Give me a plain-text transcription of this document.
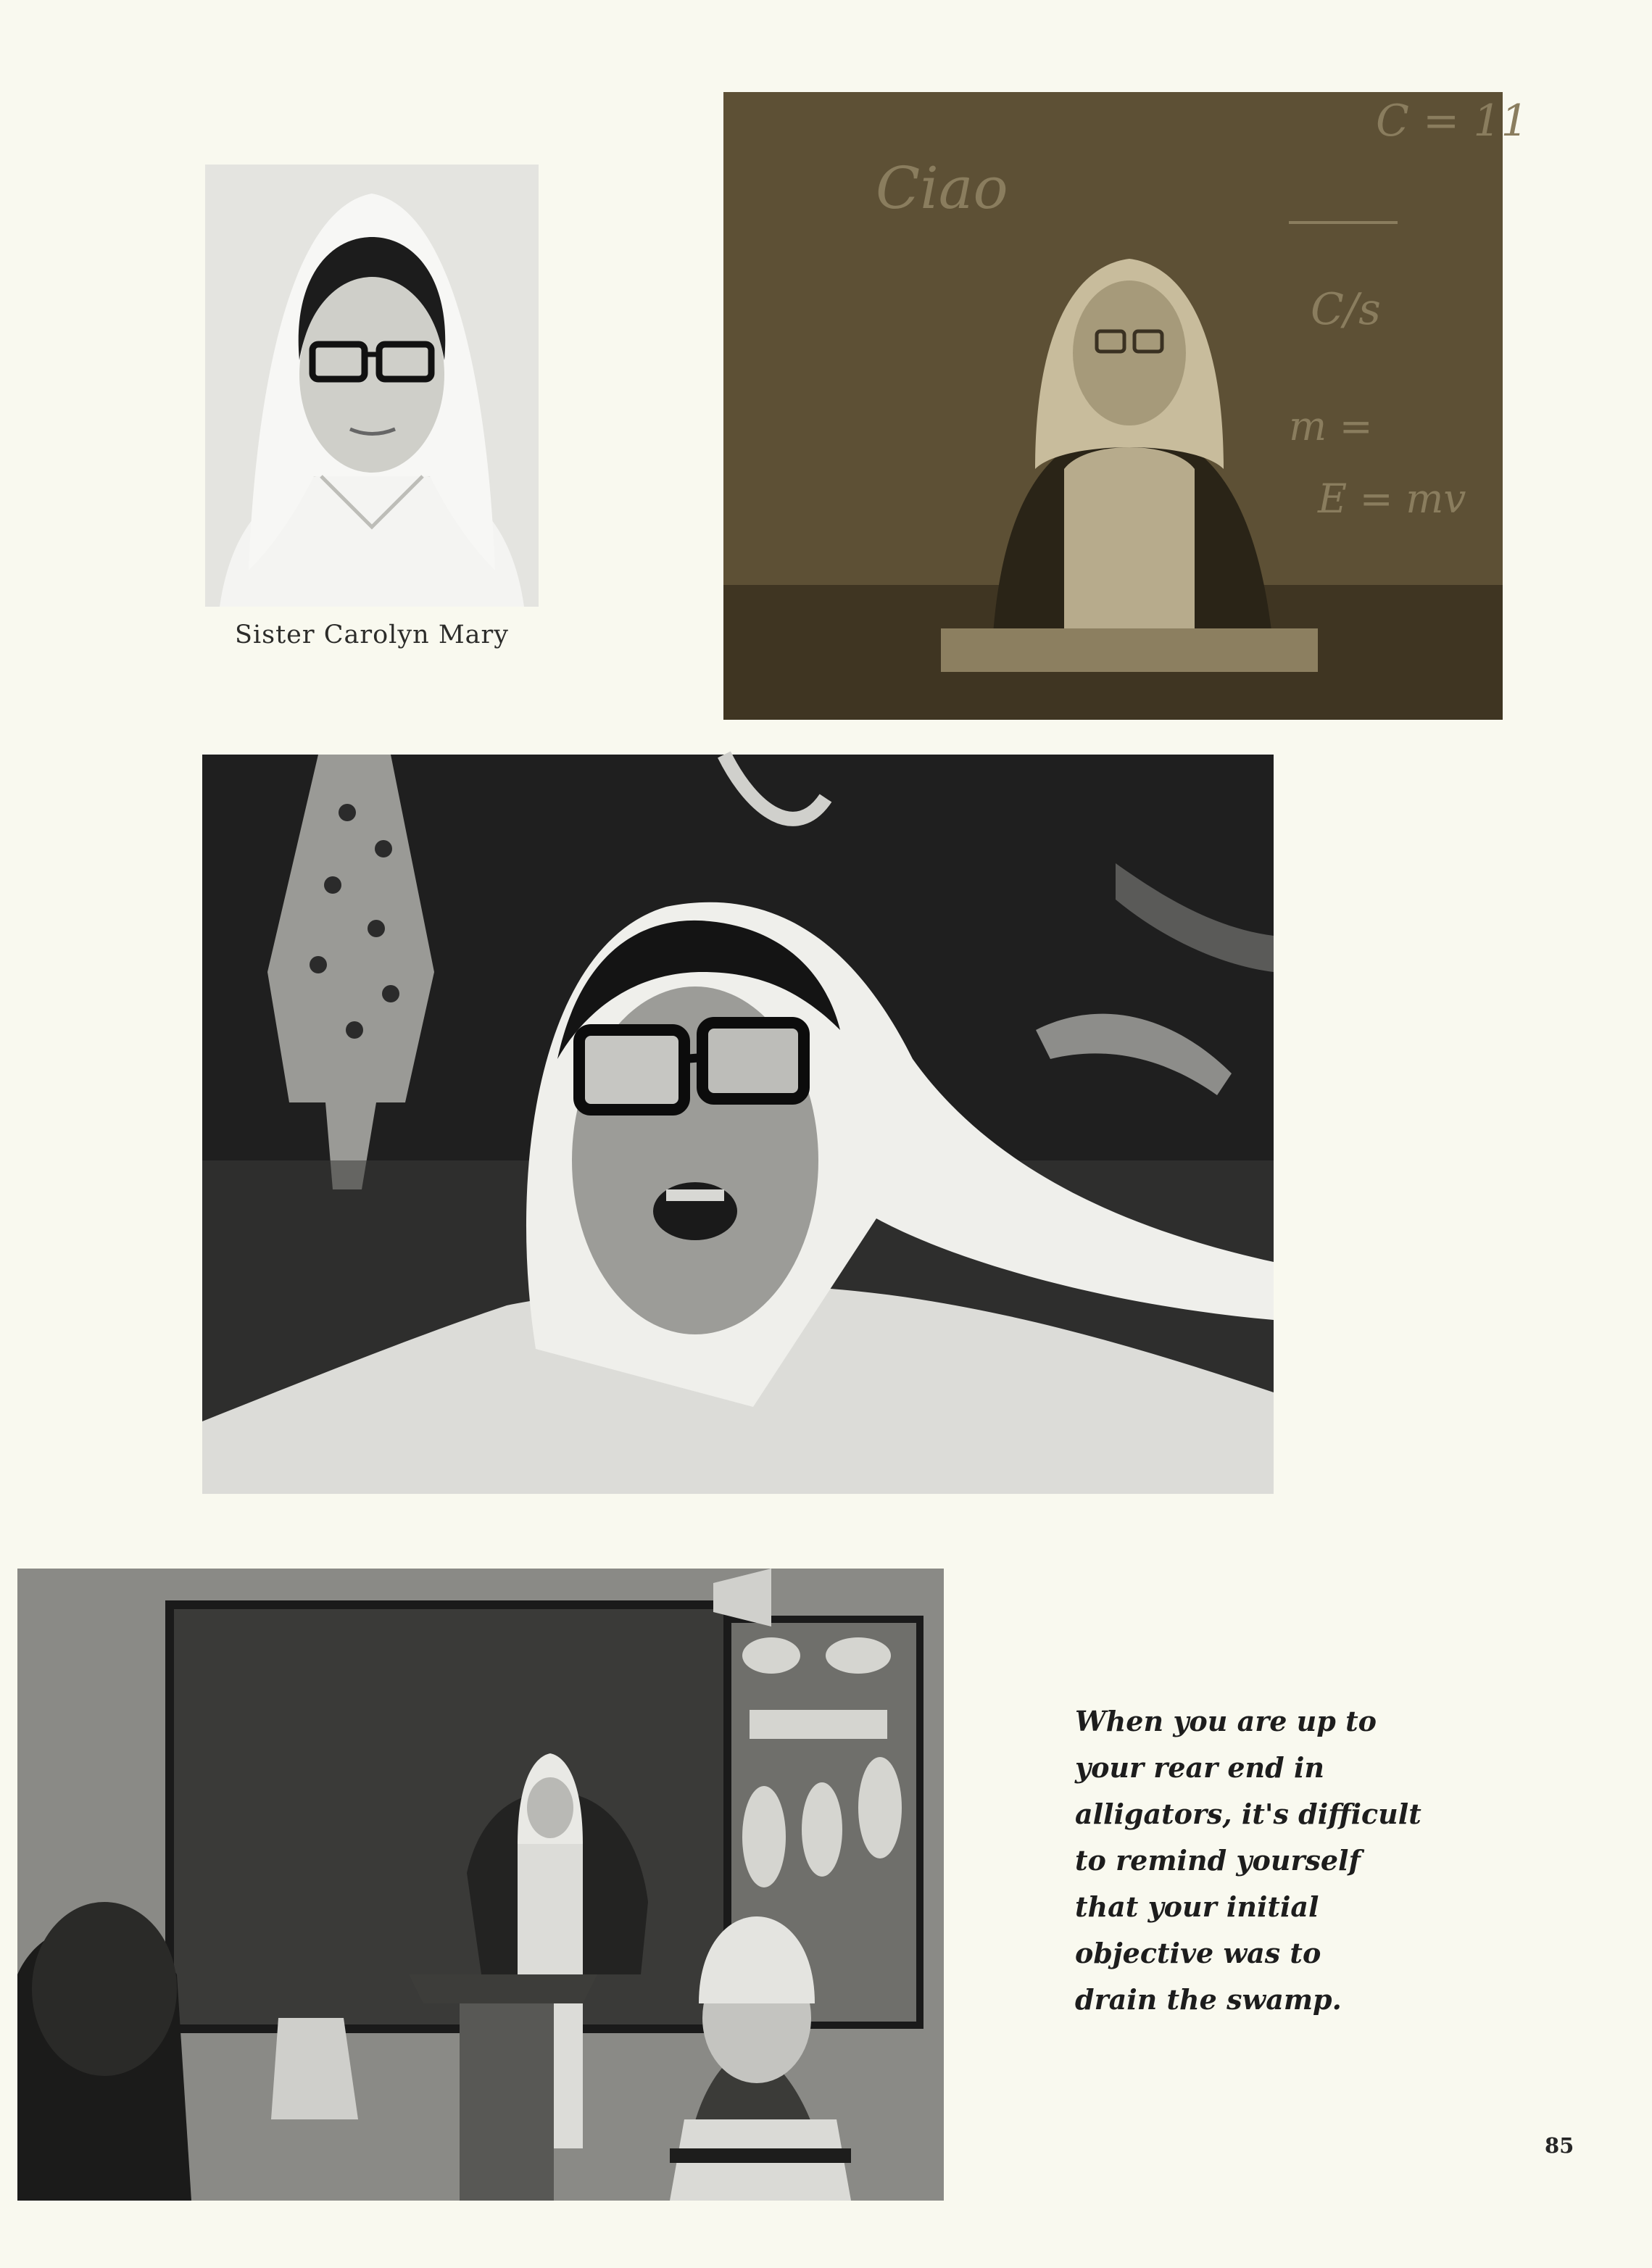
Sister Carolyn Mary
Ciao
C = 11
C/s
m =
E = mv
When you are up to
your rear end in
alligators, it's difficult
to remind yourself
that your initial
objective was to
drain the swamp.
85
